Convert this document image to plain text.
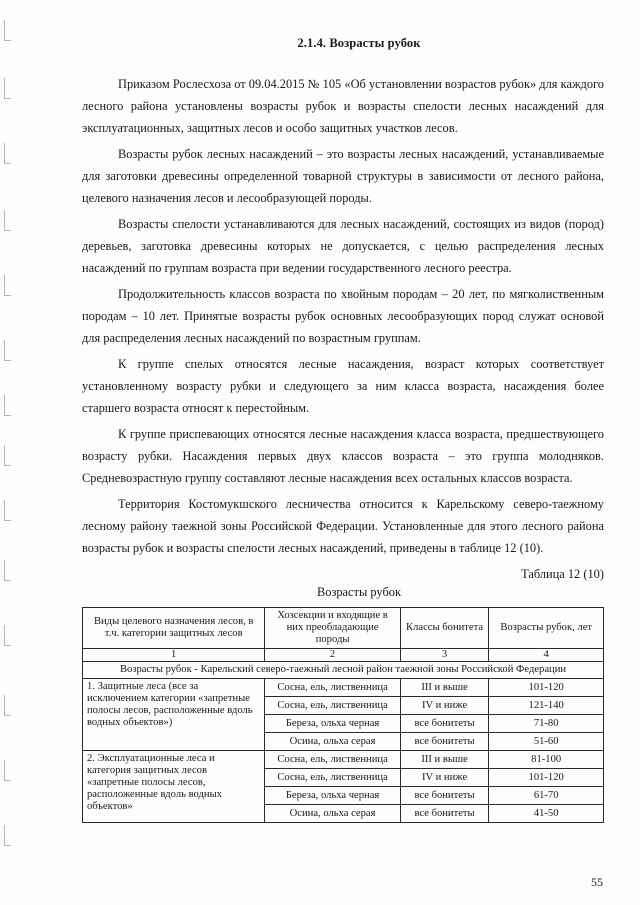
2.1.4. Возрасты рубок

Приказом Рослесхоза от 09.04.2015 № 105 «Об установлении возрастов рубок» для каждого лесного района установлены возрасты рубок и возрасты спелости лесных насаждений для эксплуатационных, защитных лесов и особо защитных участков лесов.

Возрасты рубок лесных насаждений – это возрасты лесных насаждений, устанавливаемые для заготовки древесины определенной товарной структуры в зависимости от лесного района, целевого назначения лесов и лесообразующей породы.

Возрасты спелости устанавливаются для лесных насаждений, состоящих из видов (пород) деревьев, заготовка древесины которых не допускается, с целью распределения лесных насаждений по группам возраста при ведении государственного лесного реестра.

Продолжительность классов возраста по хвойным породам – 20 лет, по мягколиственным породам – 10 лет. Принятые возрасты рубок основных лесообразующих пород служат основой для распределения лесных насаждений по возрастным группам.

К группе спелых относятся лесные насаждения, возраст которых соответствует установленному возрасту рубки и следующего за ним класса возраста, насаждения более старшего возраста относят к перестойным.

К группе приспевающих относятся лесные насаждения класса возраста, предшествующего возрасту рубки. Насаждения первых двух классов возраста – это группа молодняков. Средневозрастную группу составляют лесные насаждения всех остальных классов возраста.

Территория Костомукшского лесничества относится к Карельскому северо-таежному лесному району таежной зоны Российской Федерации. Установленные для этого лесного района возрасты рубок и возрасты спелости лесных насаждений, приведены в таблице 12 (10).

Таблица 12 (10)
Возрасты рубок
Виды целевого назначения лесов, в т.ч. категории защитных лесов	Хозсекции и входящие в них преобладающие породы	Классы бонитета	Возрасты рубок, лет
1	2	3	4
Возрасты рубок - Карельский северо-таежный лесной район таежной зоны Российской Федерации			
1. Защитные леса (все за исключением категории «запретные полосы лесов, расположенные вдоль водных объектов»)	Сосна, ель, лиственница	III и выше	101-120
	Сосна, ель, лиственница	IV и ниже	121-140
	Береза, ольха черная	все бонитеты	71-80
	Осина, ольха серая	все бонитеты	51-60
2. Эксплуатационные леса и категория защитных лесов «запретные полосы лесов, расположенные вдоль водных объектов»	Сосна, ель, лиственница	III и выше	81-100
	Сосна, ель, лиственница	IV и ниже	101-120
	Береза, ольха черная	все бонитеты	61-70
	Осина, ольха серая	все бонитеты	41-50
55
